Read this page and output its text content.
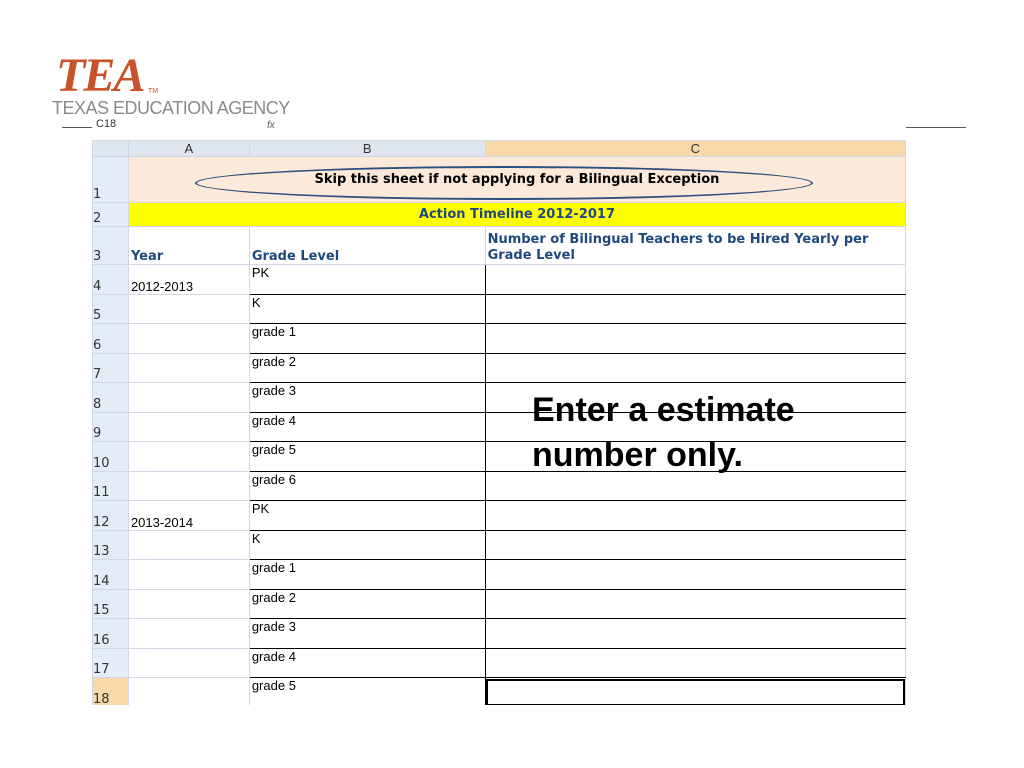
TEA TM
TEXAS EDUCATION AGENCY
C18	fx
	A	B	C
1	Skip this sheet if not applying for a Bilingual Exception		
2	Action Timeline 2012-2017		
3	Year	Grade Level	Number of Bilingual Teachers to be Hired Yearly per Grade Level
4	2012-2013	PK	
5		K	
6		grade 1	
7		grade 2	
8		grade 3	
9		grade 4	
10		grade 5	
11		grade 6	
12	2013-2014	PK	
13		K	
14		grade 1	
15		grade 2	
16		grade 3	
17		grade 4	
18		grade 5	
Enter a estimate
number only.
